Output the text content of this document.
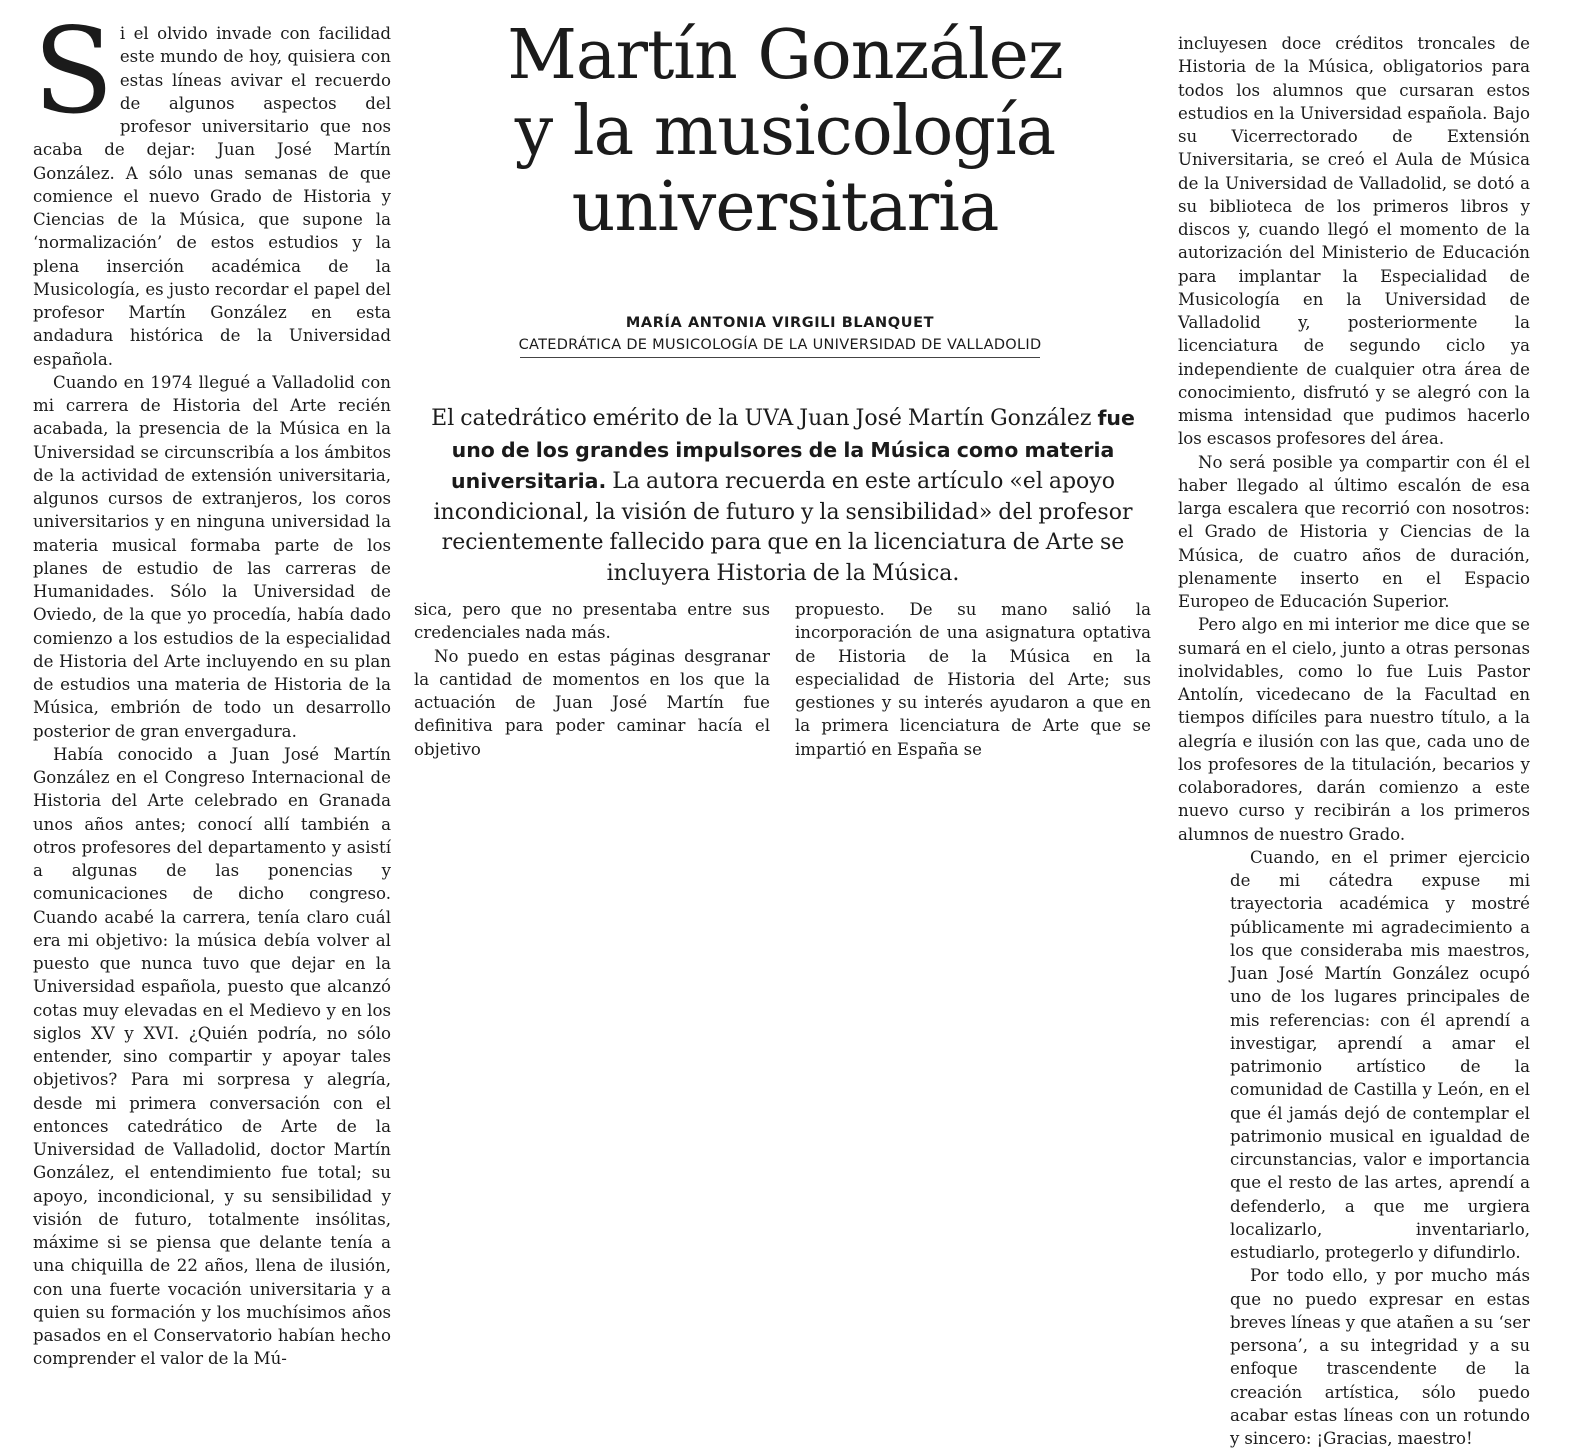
Martín González
y la musicología
universitaria
MARÍA ANTONIA VIRGILI BLANQUET
CATEDRÁTICA DE MUSICOLOGÍA DE LA UNIVERSIDAD DE VALLADOLID

El catedrático emérito de la UVA Juan José Martín González fue uno de los grandes impulsores de la Música como materia universitaria. La autora recuerda en este artículo «el apoyo incondicional, la visión de futuro y la sensibilidad» del profesor recientemente fallecido para que en la licenciatura de Arte se incluyera Historia de la Música.

Si el olvido invade con facilidad este mundo de hoy, quisiera con estas líneas avivar el recuerdo de algunos aspectos del profesor universitario que nos acaba de dejar: Juan José Martín González. A sólo unas semanas de que comience el nuevo Grado de Historia y Ciencias de la Música, que supone la ‘normalización’ de estos estudios y la plena inserción académica de la Musicología, es justo recordar el papel del profesor Martín González en esta andadura histórica de la Universidad española.

Cuando en 1974 llegué a Valladolid con mi carrera de Historia del Arte recién acabada, la presencia de la Música en la Universidad se circunscribía a los ámbitos de la actividad de extensión universitaria, algunos cursos de extranjeros, los coros universitarios y en ninguna universidad la materia musical formaba parte de los planes de estudio de las carreras de Humanidades. Sólo la Universidad de Oviedo, de la que yo procedía, había dado comienzo a los estudios de la especialidad de Historia del Arte incluyendo en su plan de estudios una materia de Historia de la Música, embrión de todo un desarrollo posterior de gran envergadura.

Había conocido a Juan José Martín González en el Congreso Internacional de Historia del Arte celebrado en Granada unos años antes; conocí allí también a otros profesores del departamento y asistí a algunas de las ponencias y comunicaciones de dicho congreso. Cuando acabé la carrera, tenía claro cuál era mi objetivo: la música debía volver al puesto que nunca tuvo que dejar en la Universidad española, puesto que alcanzó cotas muy elevadas en el Medievo y en los siglos XV y XVI. ¿Quién podría, no sólo entender, sino compartir y apoyar tales objetivos? Para mi sorpresa y alegría, desde mi primera conversación con el entonces catedrático de Arte de la Universidad de Valladolid, doctor Martín González, el entendimiento fue total; su apoyo, incondicional, y su sensibilidad y visión de futuro, totalmente insólitas, máxime si se piensa que delante tenía a una chiquilla de 22 años, llena de ilusión, con una fuerte vocación universitaria y a quien su formación y los muchísimos años pasados en el Conservatorio habían hecho comprender el valor de la Mú-

sica, pero que no presentaba entre sus credenciales nada más.

No puedo en estas páginas desgranar la cantidad de momentos en los que la actuación de Juan José Martín fue definitiva para poder caminar hacía el objetivo

propuesto. De su mano salió la incorporación de una asignatura optativa de Historia de la Música en la especialidad de Historia del Arte; sus gestiones y su interés ayudaron a que en la primera licenciatura de Arte que se impartió en España se

incluyesen doce créditos troncales de Historia de la Música, obligatorios para todos los alumnos que cursaran estos estudios en la Universidad española. Bajo su Vicerrectorado de Extensión Universitaria, se creó el Aula de Música de la Universidad de Valladolid, se dotó a su biblioteca de los primeros libros y discos y, cuando llegó el momento de la autorización del Ministerio de Educación para implantar la Especialidad de Musicología en la Universidad de Valladolid y, posteriormente la licenciatura de segundo ciclo ya independiente de cualquier otra área de conocimiento, disfrutó y se alegró con la misma intensidad que pudimos hacerlo los escasos profesores del área.

No será posible ya compartir con él el haber llegado al último escalón de esa larga escalera que recorrió con nosotros: el Grado de Historia y Ciencias de la Música, de cuatro años de duración, plenamente inserto en el Espacio Europeo de Educación Superior.

Pero algo en mi interior me dice que se sumará en el cielo, junto a otras personas inolvidables, como lo fue Luis Pastor Antolín, vicedecano de la Facultad en tiempos difíciles para nuestro título, a la alegría e ilusión con las que, cada uno de los profesores de la titulación, becarios y colaboradores, darán comienzo a este nuevo curso y recibirán a los primeros alumnos de nuestro Grado.

Cuando, en el primer ejercicio de mi cátedra expuse mi trayectoria académica y mostré públicamente mi agradecimiento a los que consideraba mis maestros, Juan José Martín González ocupó uno de los lugares principales de mis referencias: con él aprendí a investigar, aprendí a amar el patrimonio artístico de la comunidad de Castilla y León, en el que él jamás dejó de contemplar el patrimonio musical en igualdad de circunstancias, valor e importancia que el resto de las artes, aprendí a defenderlo, a que me urgiera localizarlo, inventariarlo, estudiarlo, protegerlo y difundirlo.

Por todo ello, y por mucho más que no puedo expresar en estas breves líneas y que atañen a su ‘ser persona’, a su integridad y a su enfoque trascendente de la creación artística, sólo puedo acabar estas líneas con un rotundo y sincero: ¡Gracias, maestro!
